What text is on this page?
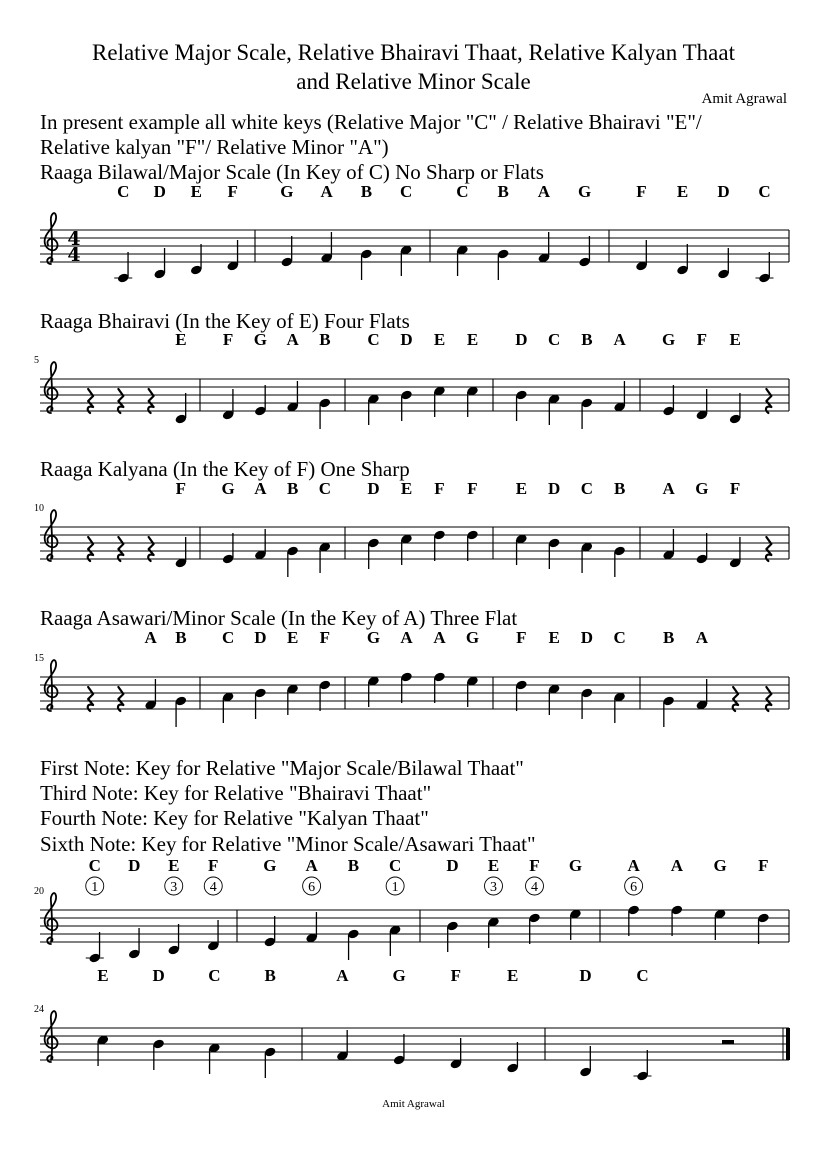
Relative Major Scale, Relative Bhairavi Thaat, Relative Kalyan Thaat
and Relative Minor Scale
Amit Agrawal
In present example all white keys (Relative Major "C" / Relative Bhairavi "E"/
Relative kalyan "F"/ Relative Minor "A")
Raaga Bilawal/Major Scale (In Key of C) No Sharp or Flats
Raaga Bhairavi (In the Key of E) Four Flats
Raaga Kalyana (In the Key of F) One Sharp
Raaga Asawari/Minor Scale (In the Key of A) Three Flat
First Note: Key for Relative "Major Scale/Bilawal Thaat"
Third Note: Key for Relative "Bhairavi Thaat"
Fourth Note: Key for Relative "Kalyan Thaat"
Sixth Note: Key for Relative "Minor Scale/Asawari Thaat"
C D E F G A B C	C B A G	F E D C
E F G A B C D E E D C B A G F E
F G A B C D E F F E D C B A G F
A B C D E F G A A G F E D C B A
C D E F	G A B C	D E F G	A A G F
E	D	C	B	A	G	F	E	D	C
4
4
5
10
15
20	1	3 4	6	1	3 4	6
24
Amit Agrawal
